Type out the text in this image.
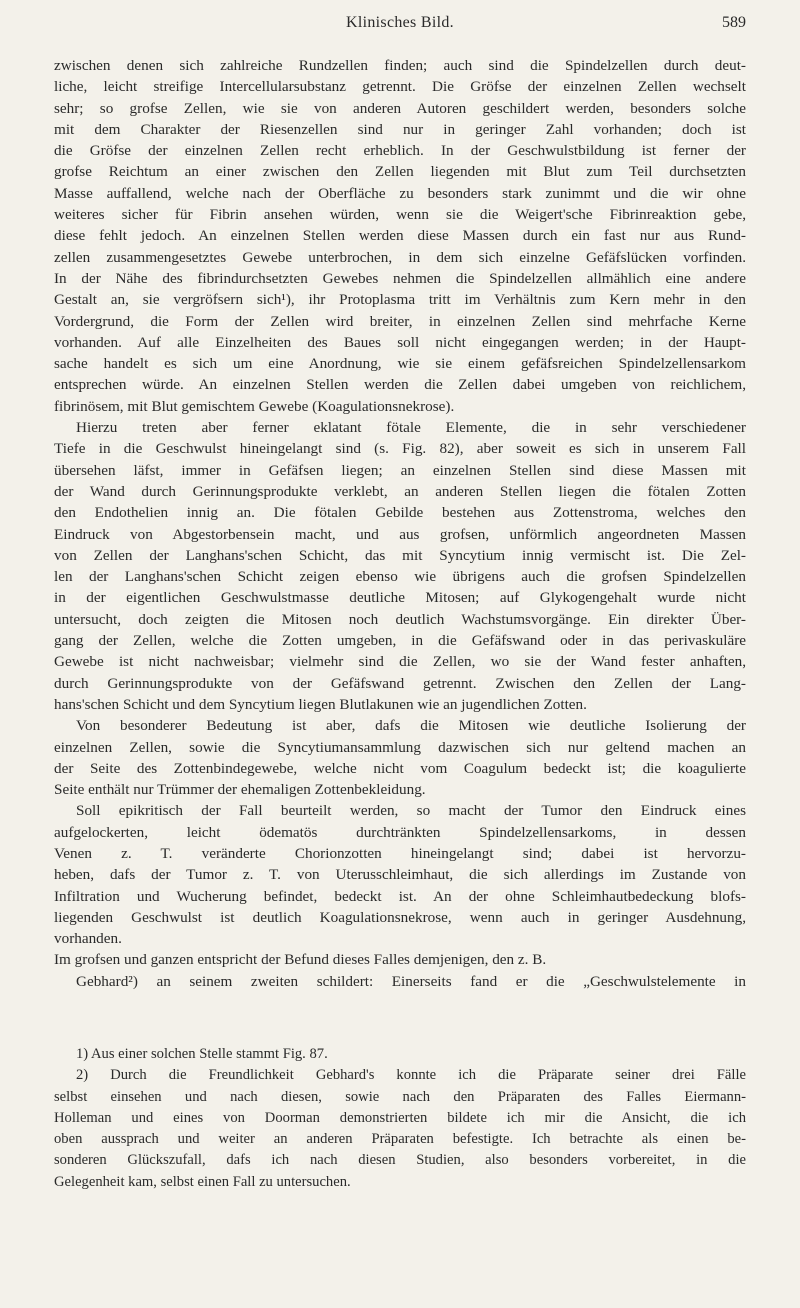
Klinisches Bild.	589
zwischen denen sich zahlreiche Rundzellen finden; auch sind die Spindelzellen durch deut-
liche, leicht streifige Intercellularsubstanz getrennt. Die Gröfse der einzelnen Zellen wechselt
sehr; so grofse Zellen, wie sie von anderen Autoren geschildert werden, besonders solche
mit dem Charakter der Riesenzellen sind nur in geringer Zahl vorhanden; doch ist
die Gröfse der einzelnen Zellen recht erheblich. In der Geschwulstbildung ist ferner der
grofse Reichtum an einer zwischen den Zellen liegenden mit Blut zum Teil durchsetzten
Masse auffallend, welche nach der Oberfläche zu besonders stark zunimmt und die wir ohne
weiteres sicher für Fibrin ansehen würden, wenn sie die Weigert'sche Fibrinreaktion gebe,
diese fehlt jedoch. An einzelnen Stellen werden diese Massen durch ein fast nur aus Rund-
zellen zusammengesetztes Gewebe unterbrochen, in dem sich einzelne Gefäfslücken vorfinden.
In der Nähe des fibrindurchsetzten Gewebes nehmen die Spindelzellen allmählich eine andere
Gestalt an, sie vergröfsern sich¹), ihr Protoplasma tritt im Verhältnis zum Kern mehr in den
Vordergrund, die Form der Zellen wird breiter, in einzelnen Zellen sind mehrfache Kerne
vorhanden. Auf alle Einzelheiten des Baues soll nicht eingegangen werden; in der Haupt-
sache handelt es sich um eine Anordnung, wie sie einem gefäfsreichen Spindelzellensarkom
entsprechen würde. An einzelnen Stellen werden die Zellen dabei umgeben von reichlichem,
fibrinösem, mit Blut gemischtem Gewebe (Koagulationsnekrose).
Hierzu treten aber ferner eklatant fötale Elemente, die in sehr verschiedener
Tiefe in die Geschwulst hineingelangt sind (s. Fig. 82), aber soweit es sich in unserem Fall
übersehen läfst, immer in Gefäfsen liegen; an einzelnen Stellen sind diese Massen mit
der Wand durch Gerinnungsprodukte verklebt, an anderen Stellen liegen die fötalen Zotten
den Endothelien innig an. Die fötalen Gebilde bestehen aus Zottenstroma, welches den
Eindruck von Abgestorbensein macht, und aus grofsen, unförmlich angeordneten Massen
von Zellen der Langhans'schen Schicht, das mit Syncytium innig vermischt ist. Die Zel-
len der Langhans'schen Schicht zeigen ebenso wie übrigens auch die grofsen Spindelzellen
in der eigentlichen Geschwulstmasse deutliche Mitosen; auf Glykogengehalt wurde nicht
untersucht, doch zeigten die Mitosen noch deutlich Wachstumsvorgänge. Ein direkter Über-
gang der Zellen, welche die Zotten umgeben, in die Gefäfswand oder in das perivaskuläre
Gewebe ist nicht nachweisbar; vielmehr sind die Zellen, wo sie der Wand fester anhaften,
durch Gerinnungsprodukte von der Gefäfswand getrennt. Zwischen den Zellen der Lang-
hans'schen Schicht und dem Syncytium liegen Blutlakunen wie an jugendlichen Zotten.
Von besonderer Bedeutung ist aber, dafs die Mitosen wie deutliche Isolierung der
einzelnen Zellen, sowie die Syncytiumansammlung dazwischen sich nur geltend machen an
der Seite des Zottenbindegewebe, welche nicht vom Coagulum bedeckt ist; die koagulierte
Seite enthält nur Trümmer der ehemaligen Zottenbekleidung.
Soll epikritisch der Fall beurteilt werden, so macht der Tumor den Eindruck eines
aufgelockerten, leicht ödematös durchtränkten Spindelzellensarkoms, in dessen
Venen z. T. veränderte Chorionzotten hineingelangt sind; dabei ist hervorzu-
heben, dafs der Tumor z. T. von Uterusschleimhaut, die sich allerdings im Zustande von
Infiltration und Wucherung befindet, bedeckt ist. An der ohne Schleimhautbedeckung blofs-
liegenden Geschwulst ist deutlich Koagulationsnekrose, wenn auch in geringer Ausdehnung,
vorhanden.
Im grofsen und ganzen entspricht der Befund dieses Falles demjenigen, den z. B.
Gebhard²) an seinem zweiten schildert: Einerseits fand er die „Geschwulstelemente in
1) Aus einer solchen Stelle stammt Fig. 87.
2) Durch die Freundlichkeit Gebhard's konnte ich die Präparate seiner drei Fälle
selbst einsehen und nach diesen, sowie nach den Präparaten des Falles Eiermann-
Holleman und eines von Doorman demonstrierten bildete ich mir die Ansicht, die ich
oben aussprach und weiter an anderen Präparaten befestigte. Ich betrachte als einen be-
sonderen Glückszufall, dafs ich nach diesen Studien, also besonders vorbereitet, in die
Gelegenheit kam, selbst einen Fall zu untersuchen.
